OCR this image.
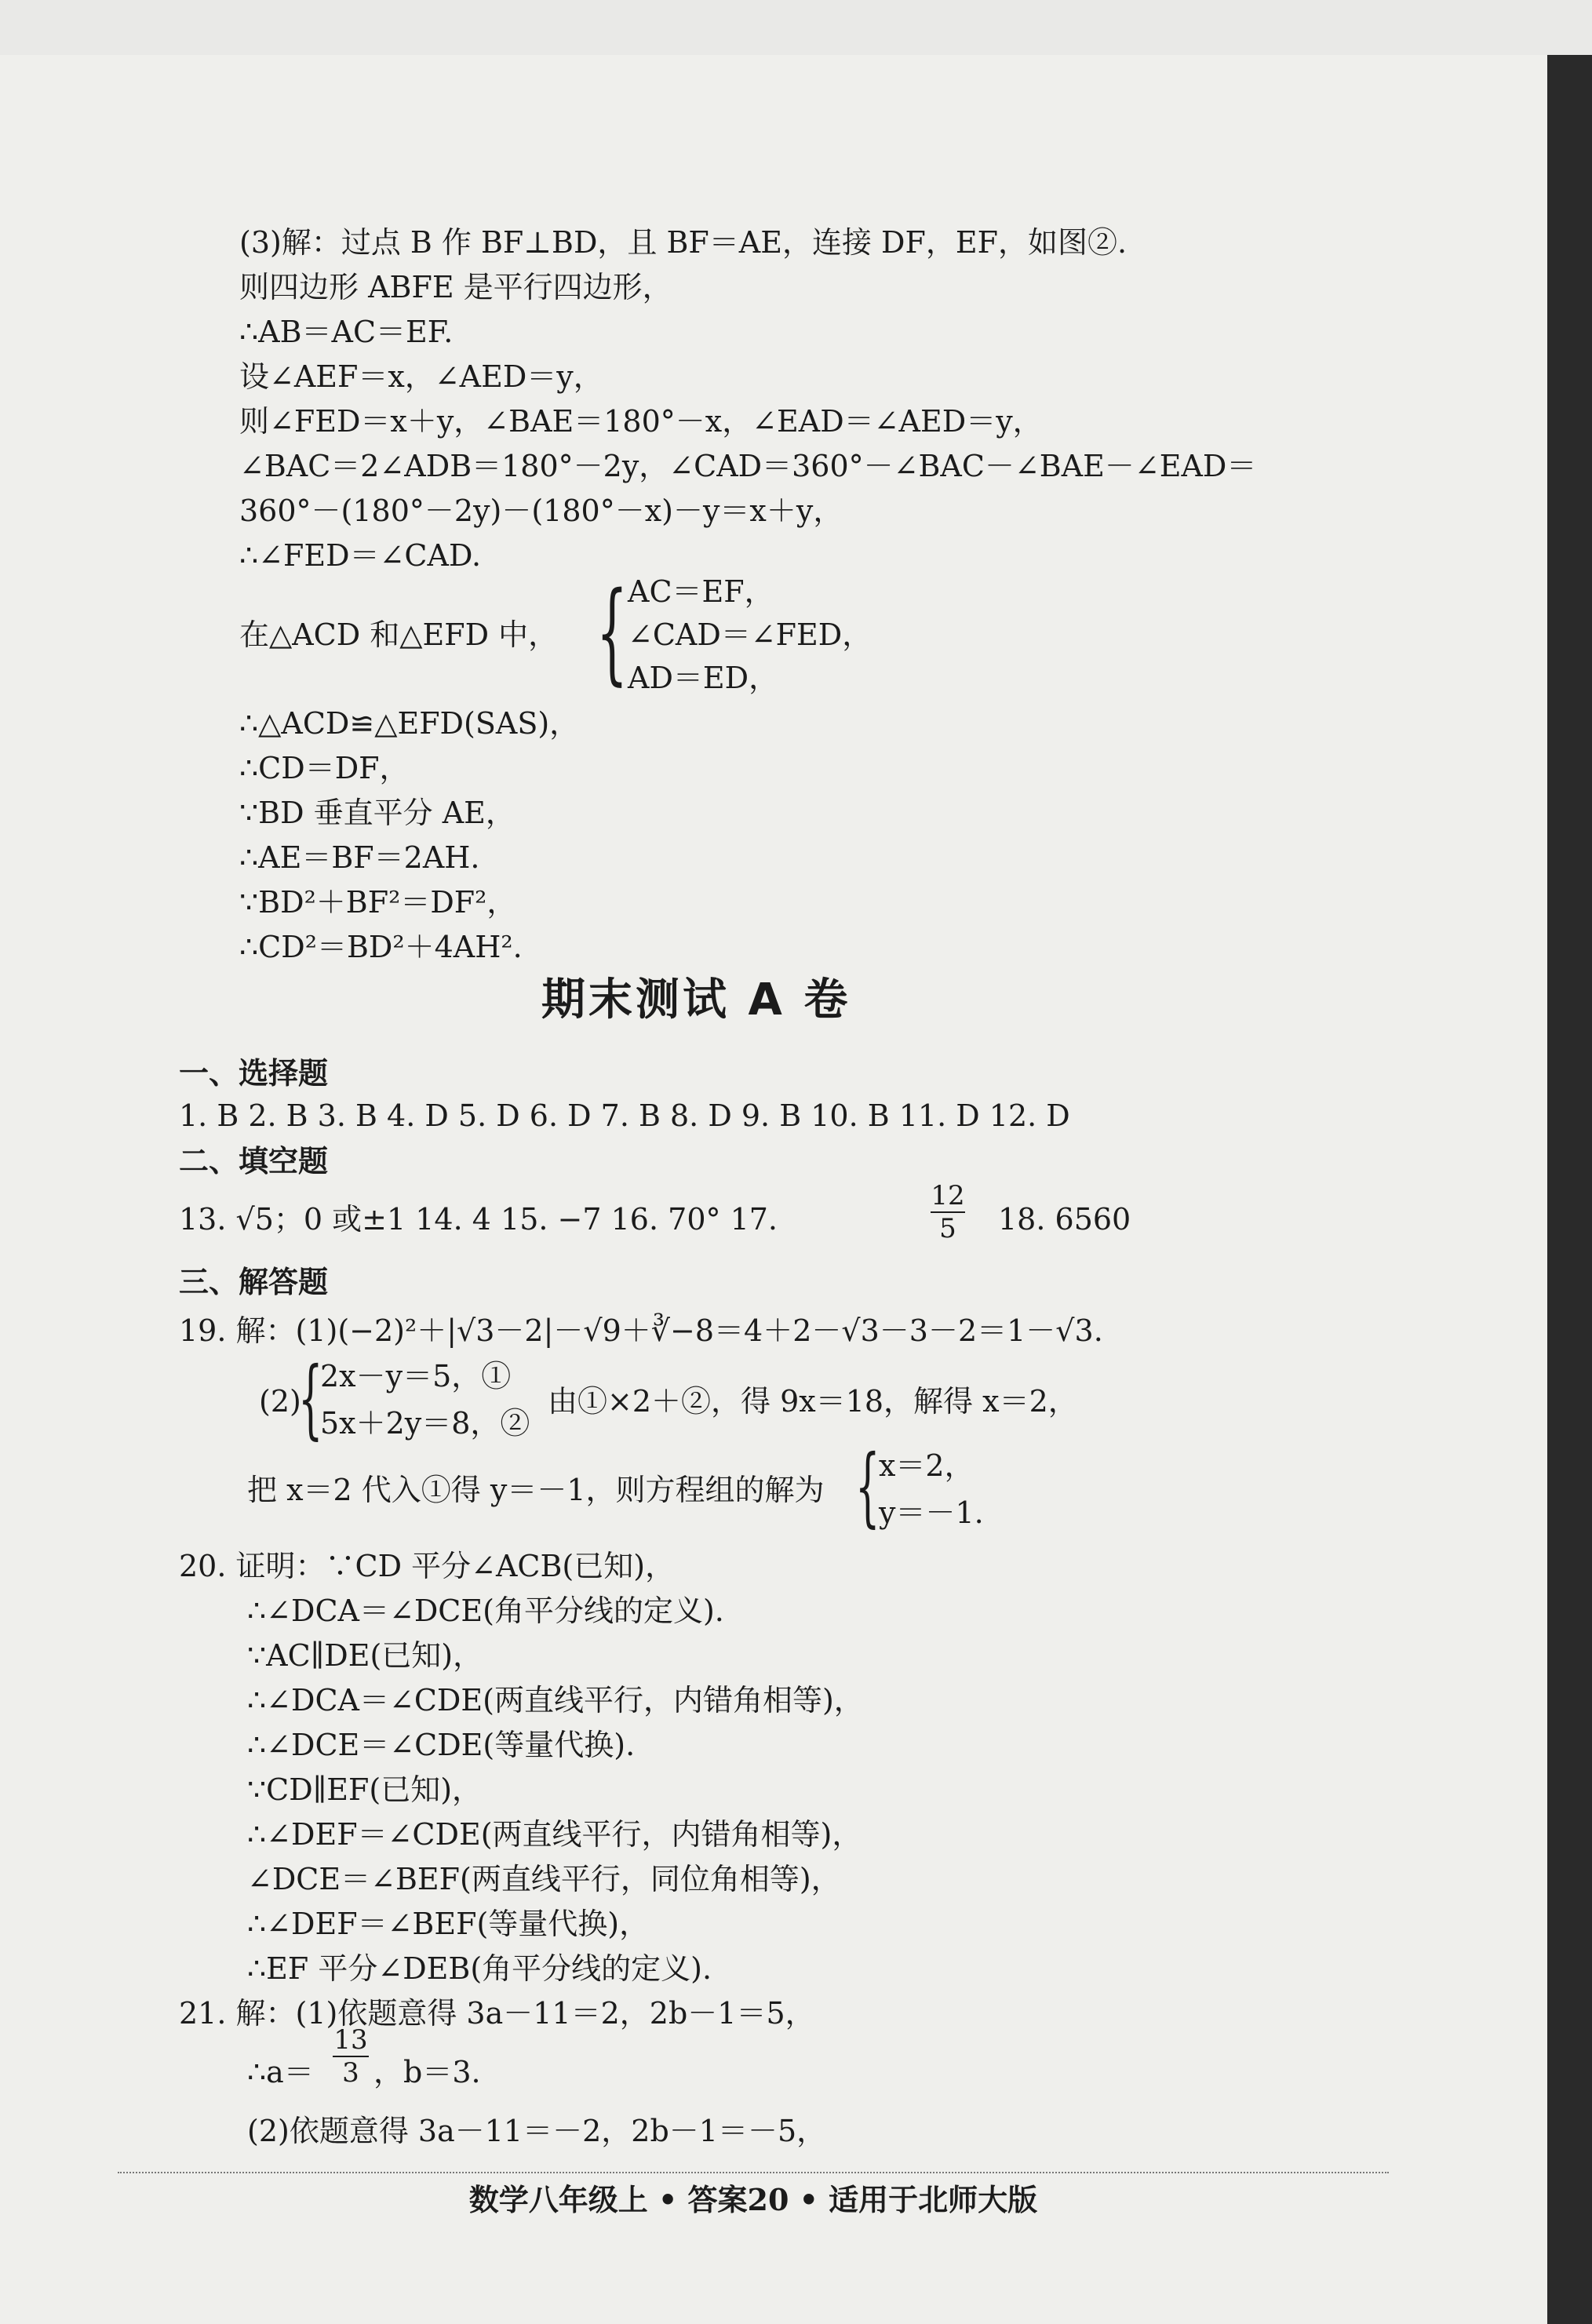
(3)解：过点 B 作 BF⊥BD，且 BF＝AE，连接 DF，EF，如图②.
则四边形 ABFE 是平行四边形，
∴AB＝AC＝EF.
设∠AEF＝x，∠AED＝y，
则∠FED＝x＋y，∠BAE＝180°－x，∠EAD＝∠AED＝y，
∠BAC＝2∠ADB＝180°－2y，∠CAD＝360°－∠BAC－∠BAE－∠EAD＝
360°－(180°－2y)－(180°－x)－y＝x＋y，
∴∠FED＝∠CAD.
在△ACD 和△EFD 中， { AC＝EF，
∠CAD＝∠FED，
AD＝ED，
∴△ACD≌△EFD(SAS)，
∴CD＝DF，
∵BD 垂直平分 AE，
∴AE＝BF＝2AH.
∵BD²＋BF²＝DF²，
∴CD²＝BD²＋4AH².
期末测试 A 卷
一、选择题
1. B 2. B 3. B 4. D 5. D 6. D 7. B 8. D 9. B 10. B 11. D 12. D
二、填空题
13. √5；0 或±1 14. 4 15. −7 16. 70° 17.
12
5	18. 6560
三、解答题
19. 解：(1)(−2)²＋|√3－2|－√9＋∛−8＝4＋2－√3－3－2＝1－√3.
(2)
{
2x－y＝5，①
5x＋2y＝8，②
由①×2＋②，得 9x＝18，解得 x＝2，
把 x＝2 代入①得 y＝－1，则方程组的解为 {
x＝2，
y＝－1.
20. 证明：∵CD 平分∠ACB(已知)，
∴∠DCA＝∠DCE(角平分线的定义).
∵AC∥DE(已知)，
∴∠DCA＝∠CDE(两直线平行，内错角相等)，
∴∠DCE＝∠CDE(等量代换).
∵CD∥EF(已知)，
∴∠DEF＝∠CDE(两直线平行，内错角相等)，
∠DCE＝∠BEF(两直线平行，同位角相等)，
∴∠DEF＝∠BEF(等量代换)，
∴EF 平分∠DEB(角平分线的定义).
21. 解：(1)依题意得 3a－11＝2，2b－1＝5，
∴a＝
13
3 ，b＝3.
(2)依题意得 3a－11＝－2，2b－1＝－5，
数学八年级上 • 答案20 • 适用于北师大版
